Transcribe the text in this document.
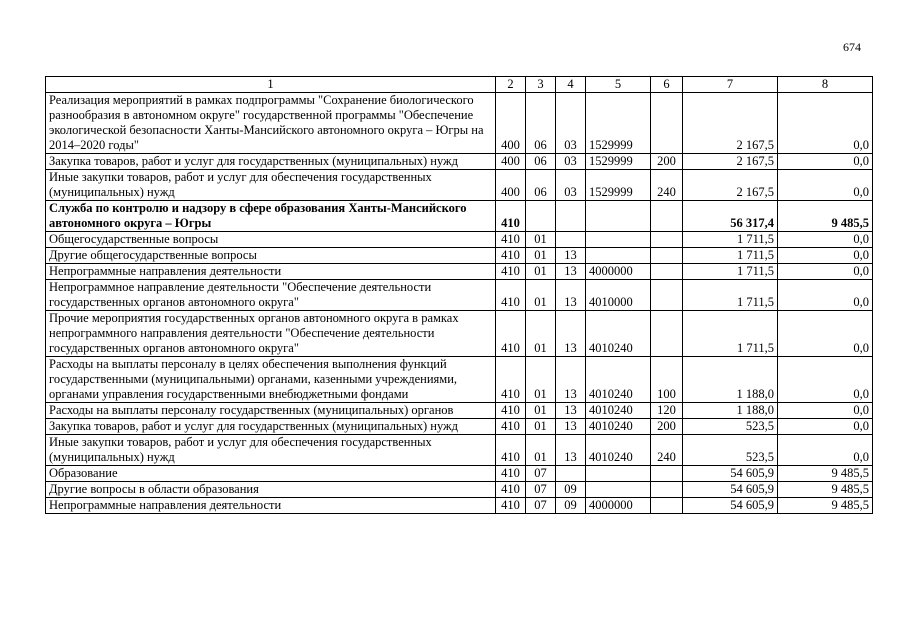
674
1	2	3	4	5	6	7	8
Реализация мероприятий в рамках подпрограммы "Сохранение биологического разнообразия в автономном округе" государственной программы "Обеспечение экологической безопасности Ханты-Мансийского автономного округа – Югры на 2014–2020 годы"	400	06	03	1529999		2 167,5	0,0
Закупка товаров, работ и услуг для государственных (муниципальных) нужд	400	06	03	1529999	200	2 167,5	0,0
Иные закупки товаров, работ и услуг для обеспечения государственных (муниципальных) нужд	400	06	03	1529999	240	2 167,5	0,0
Служба по контролю и надзору в сфере образования Ханты-Мансийского автономного округа – Югры	410					56 317,4	9 485,5
Общегосударственные вопросы	410	01				1 711,5	0,0
Другие общегосударственные вопросы	410	01	13			1 711,5	0,0
Непрограммные направления деятельности	410	01	13	4000000		1 711,5	0,0
Непрограммное направление деятельности "Обеспечение деятельности государственных органов автономного округа"	410	01	13	4010000		1 711,5	0,0
Прочие мероприятия государственных органов автономного округа в рамках непрограммного направления деятельности "Обеспечение деятельности государственных органов автономного округа"	410	01	13	4010240		1 711,5	0,0
Расходы на выплаты персоналу в целях обеспечения выполнения функций государственными (муниципальными) органами, казенными учреждениями, органами управления государственными внебюджетными фондами	410	01	13	4010240	100	1 188,0	0,0
Расходы на выплаты персоналу государственных (муниципальных) органов	410	01	13	4010240	120	1 188,0	0,0
Закупка товаров, работ и услуг для государственных (муниципальных) нужд	410	01	13	4010240	200	523,5	0,0
Иные закупки товаров, работ и услуг для обеспечения государственных (муниципальных) нужд	410	01	13	4010240	240	523,5	0,0
Образование	410	07				54 605,9	9 485,5
Другие вопросы в области образования	410	07	09			54 605,9	9 485,5
Непрограммные направления деятельности	410	07	09	4000000		54 605,9	9 485,5
